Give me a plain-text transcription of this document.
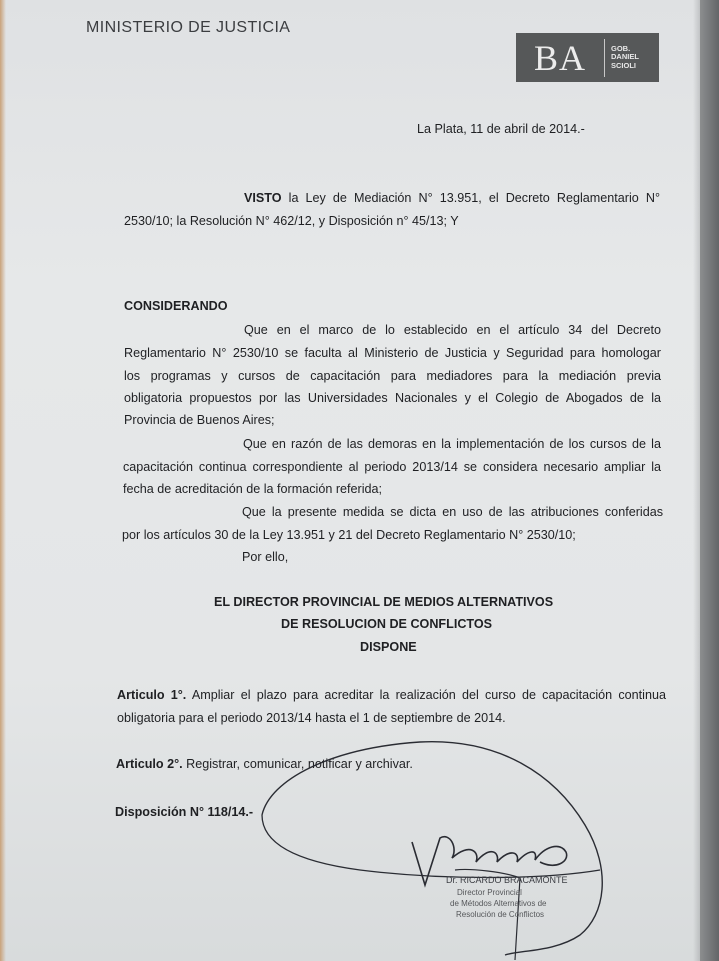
MINISTERIO DE JUSTICIA
BA	GOB.
DANIEL
SCIOLI
La Plata, 11 de abril de 2014.-
VISTO la Ley de Mediación N° 13.951, el Decreto Reglamentario N°
2530/10; la Resolución N° 462/12, y Disposición n° 45/13; Y
CONSIDERANDO
Que en el marco de lo establecido en el artículo 34 del Decreto
Reglamentario N° 2530/10 se faculta al Ministerio de Justicia y Seguridad para homologar
los programas y cursos de capacitación para mediadores para la mediación previa
obligatoria propuestos por las Universidades Nacionales y el Colegio de Abogados de la
Provincia de Buenos Aires;
Que en razón de las demoras en la implementación de los cursos de la
capacitación continua correspondiente al periodo 2013/14 se considera necesario ampliar la
fecha de acreditación de la formación referida;
Que la presente medida se dicta en uso de las atribuciones conferidas
por los artículos 30 de la Ley 13.951 y 21 del Decreto Reglamentario N° 2530/10;
Por ello,
EL DIRECTOR PROVINCIAL DE MEDIOS ALTERNATIVOS
DE RESOLUCION DE CONFLICTOS
DISPONE
Articulo 1°. Ampliar el plazo para acreditar la realización del curso de capacitación continua
obligatoria para el periodo 2013/14 hasta el 1 de septiembre de 2014.
Articulo 2°. Registrar, comunicar, notificar y archivar.
Disposición N° 118/14.-
Dr. RICARDO BRACAMONTE
Director Provincial
de Métodos Alternativos de
Resolución de Conflictos
